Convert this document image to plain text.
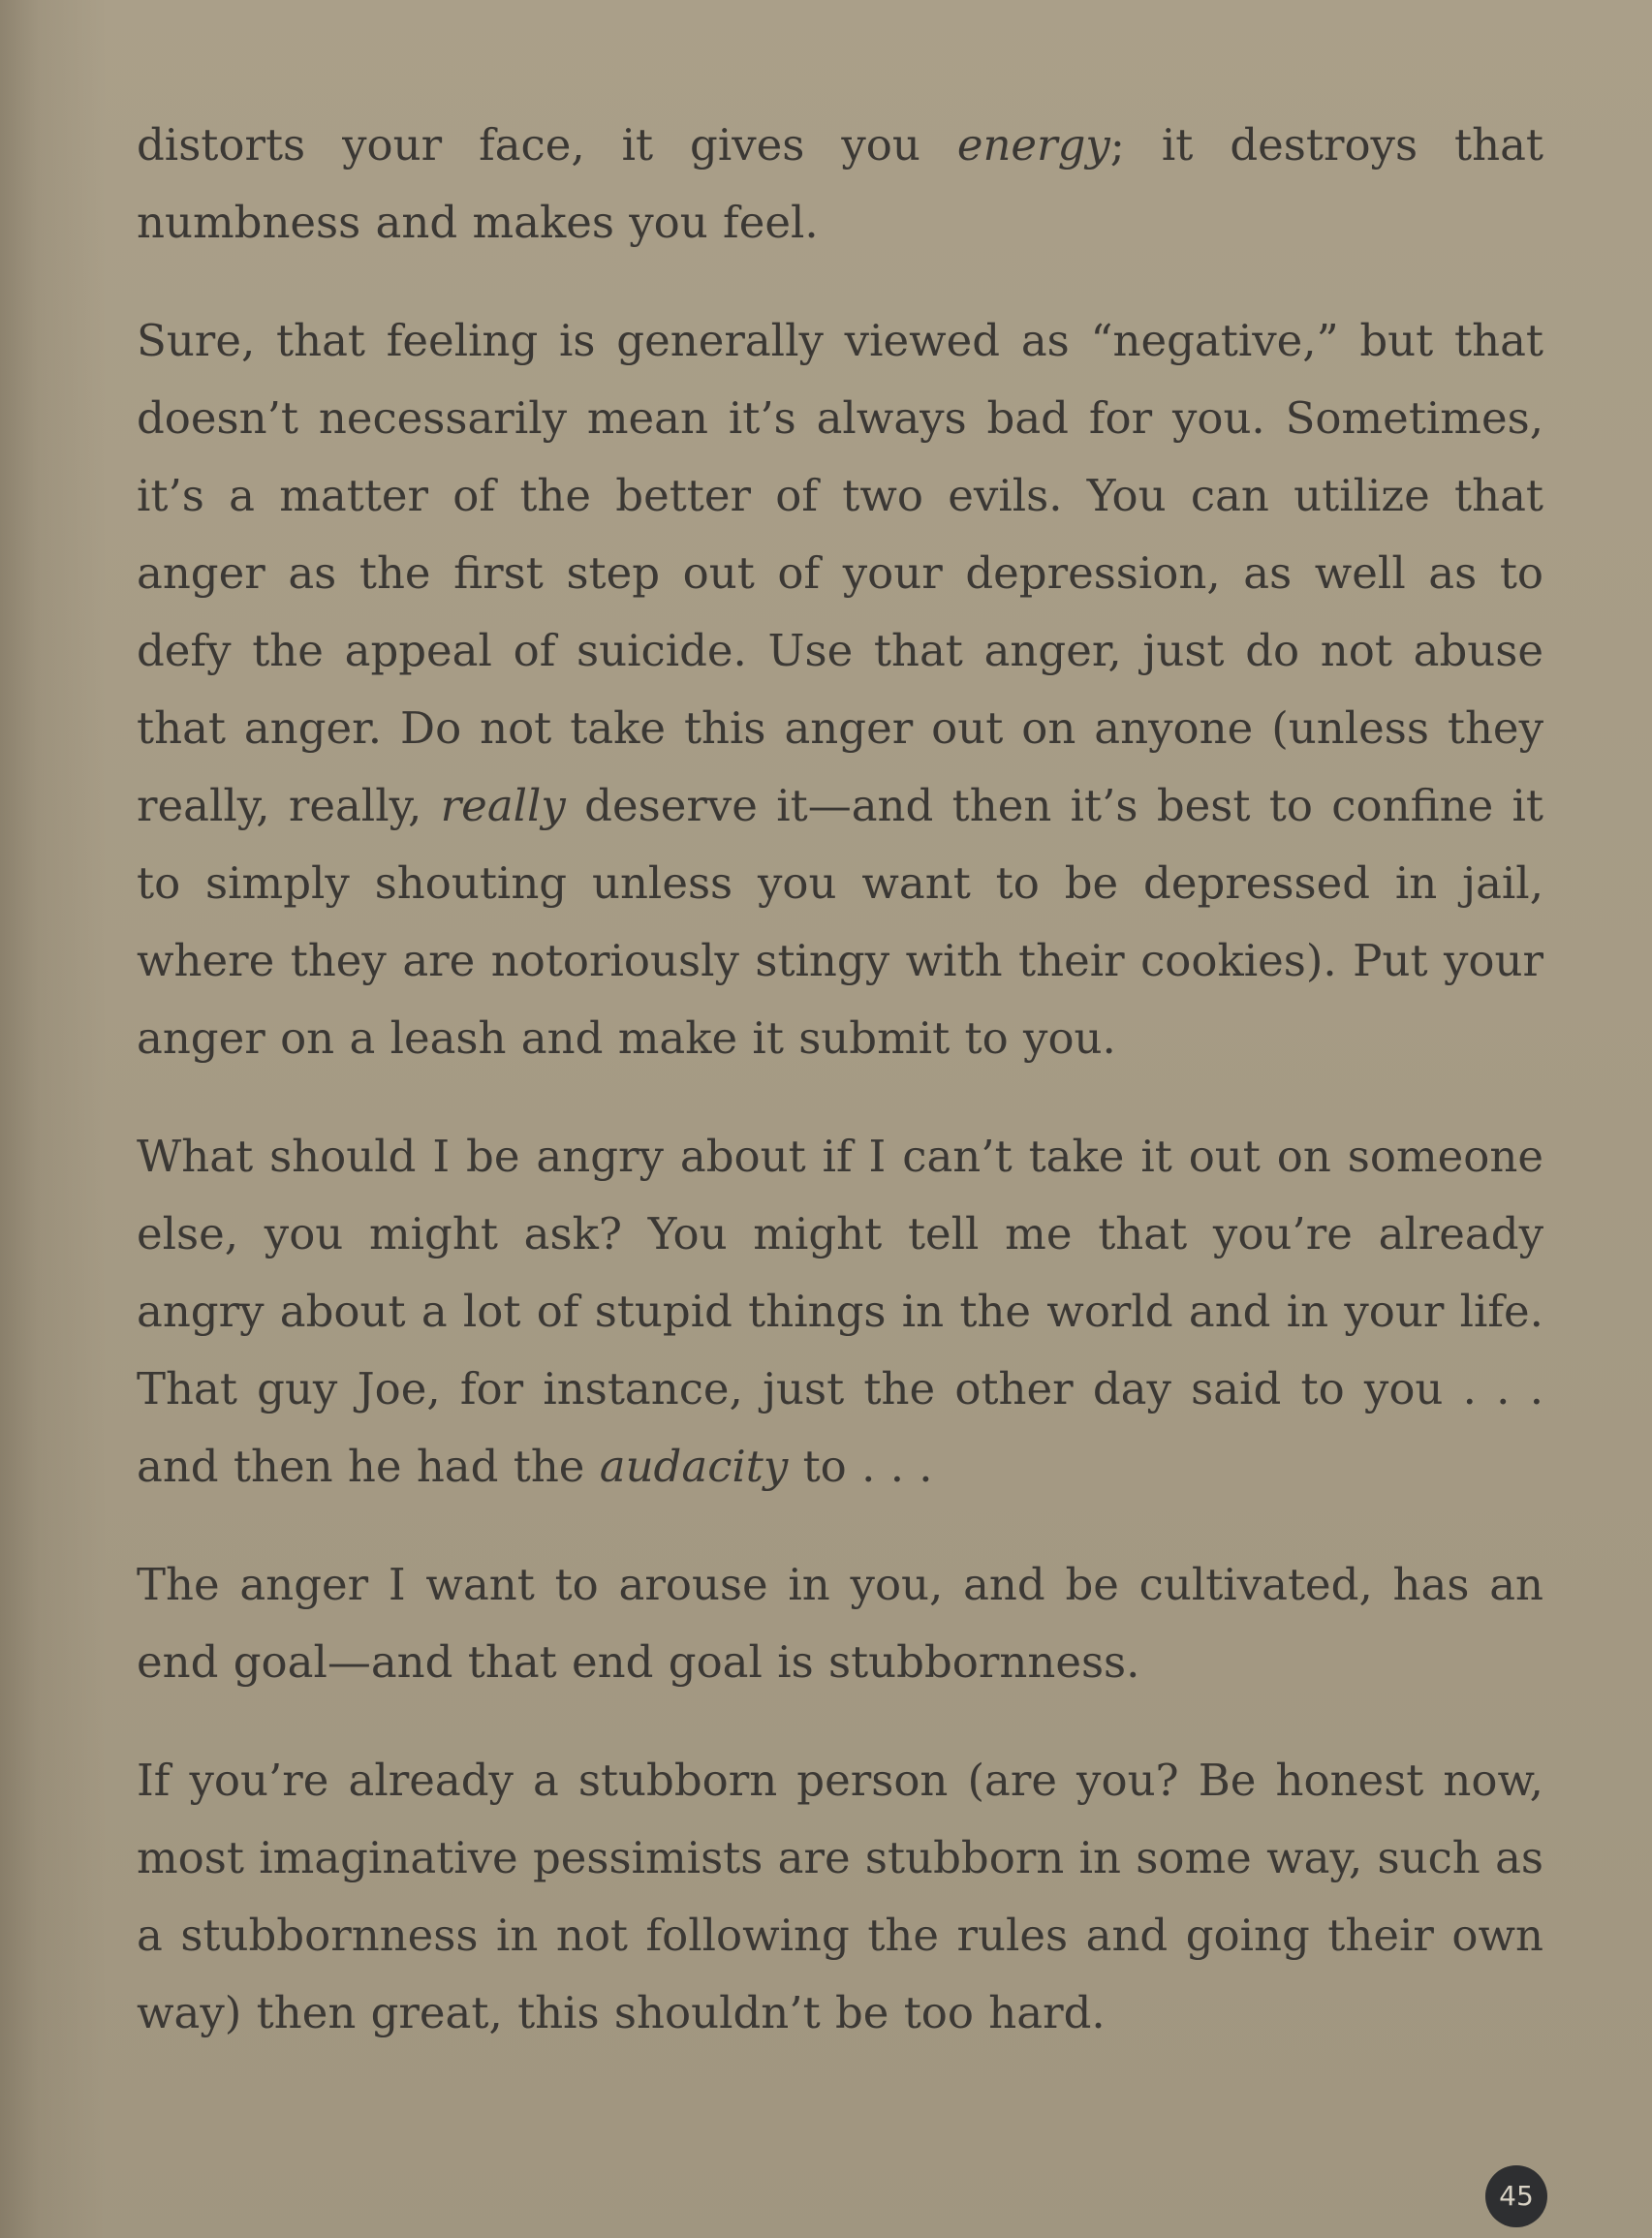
distorts your face, it gives you energy; it destroys that numbness and makes you feel.

Sure, that feeling is generally viewed as “negative,” but that doesn’t necessarily mean it’s always bad for you. Sometimes, it’s a matter of the better of two evils. You can utilize that anger as the first step out of your depression, as well as to defy the appeal of suicide. Use that anger, just do not abuse that anger. Do not take this anger out on anyone (unless they really, really, really deserve it—and then it’s best to confine it to simply shouting unless you want to be depressed in jail, where they are notoriously stingy with their cookies). Put your anger on a leash and make it submit to you.

What should I be angry about if I can’t take it out on someone else, you might ask? You might tell me that you’re already angry about a lot of stupid things in the world and in your life. That guy Joe, for instance, just the other day said to you . . . and then he had the audacity to . . .

The anger I want to arouse in you, and be cultivated, has an end goal—and that end goal is stubbornness.

If you’re already a stubborn person (are you? Be honest now, most imaginative pessimists are stubborn in some way, such as a stubbornness in not following the rules and going their own way) then great, this shouldn’t be too hard.

45
